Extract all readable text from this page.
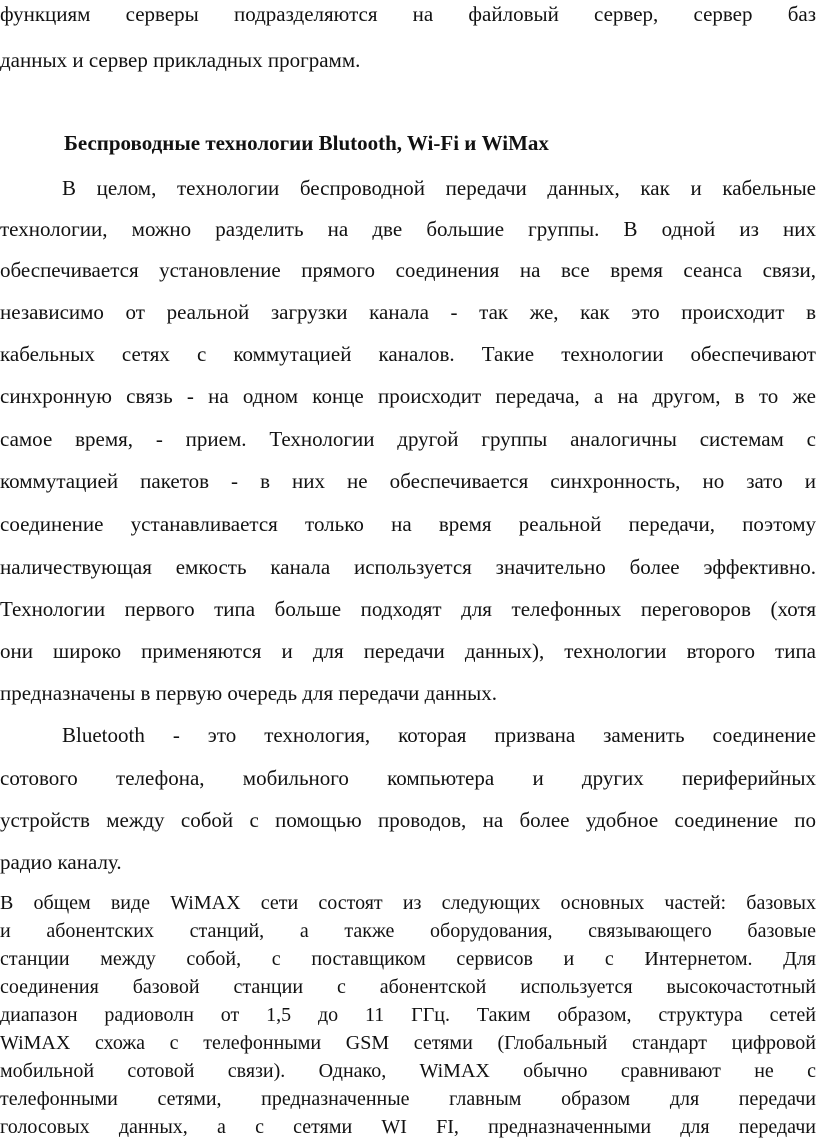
функциям серверы подразделяются на файловый сервер, сервер баз
данных и сервер прикладных программ.
Беспроводные технологии Blutooth, Wi-Fi и WiMax
В целом, технологии беспроводной передачи данных, как и кабельные
технологии, можно разделить на две большие группы. В одной из них
обеспечивается установление прямого соединения на все время сеанса связи,
независимо от реальной загрузки канала - так же, как это происходит в
кабельных сетях с коммутацией каналов. Такие технологии обеспечивают
синхронную связь - на одном конце происходит передача, а на другом, в то же
самое время, - прием. Технологии другой группы аналогичны системам с
коммутацией пакетов - в них не обеспечивается синхронность, но зато и
соединение устанавливается только на время реальной передачи, поэтому
наличествующая емкость канала используется значительно более эффективно.
Технологии первого типа больше подходят для телефонных переговоров (хотя
они широко применяются и для передачи данных), технологии второго типа
предназначены в первую очередь для передачи данных.
Bluetooth - это технология, которая призвана заменить соединение
сотового телефона, мобильного компьютера и других периферийных
устройств между собой с помощью проводов, на более удобное соединение по
радио каналу.
В общем виде WiMAX сети состоят из следующих основных частей: базовых
и абонентских станций, а также оборудования, связывающего базовые
станции между собой, с поставщиком сервисов и с Интернетом. Для
соединения базовой станции с абонентской используется высокочастотный
диапазон радиоволн от 1,5 до 11 ГГц. Таким образом, структура сетей
WiMAX схожа с телефонными GSM сетями (Глобальный стандарт цифровой
мобильной сотовой связи). Однако, WiMAX обычно сравнивают не с
телефонными сетями, предназначенные главным образом для передачи
голосовых данных, а с сетями WI FI, предназначенными для передачи
